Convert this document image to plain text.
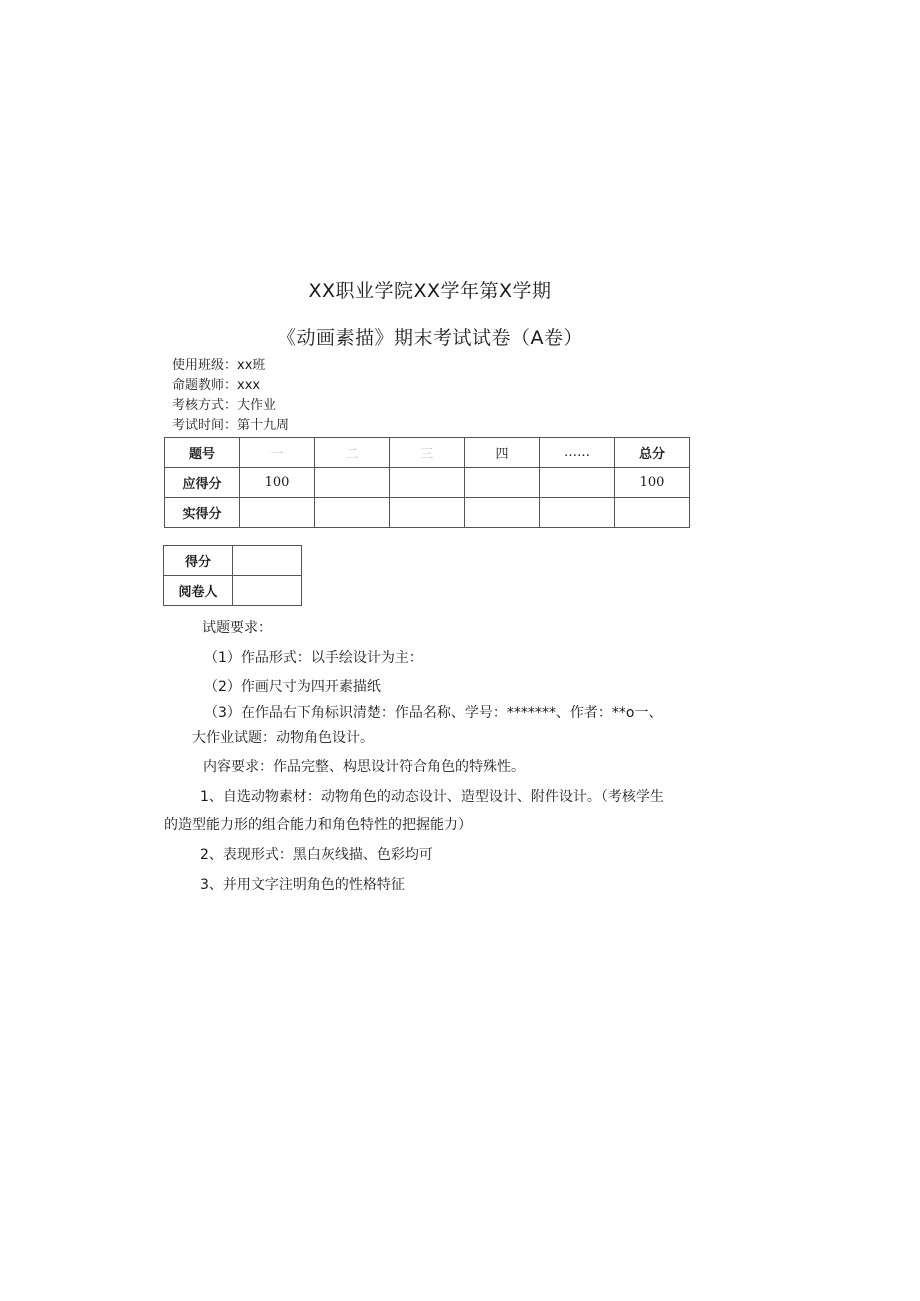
XX职业学院XX学年第X学期
《动画素描》期末考试试卷（A卷）
使用班级：xx班
命题教师：xxx
考核方式：大作业
考试时间：第十九周
题号	一	二	三	四	……	总分
应得分	100					100
实得分						
得分	
阅卷人	
试题要求：
（1）作品形式：以手绘设计为主：
（2）作画尺寸为四开素描纸
（3）在作品右下角标识清楚：作品名称、学号：*******、作者：**o一、
大作业试题：动物角色设计。
内容要求：作品完整、构思设计符合角色的特殊性。
1、自选动物素材：动物角色的动态设计、造型设计、附件设计。（考核学生
的造型能力形的组合能力和角色特性的把握能力）
2、表现形式：黑白灰线描、色彩均可
3、并用文字注明角色的性格特征
